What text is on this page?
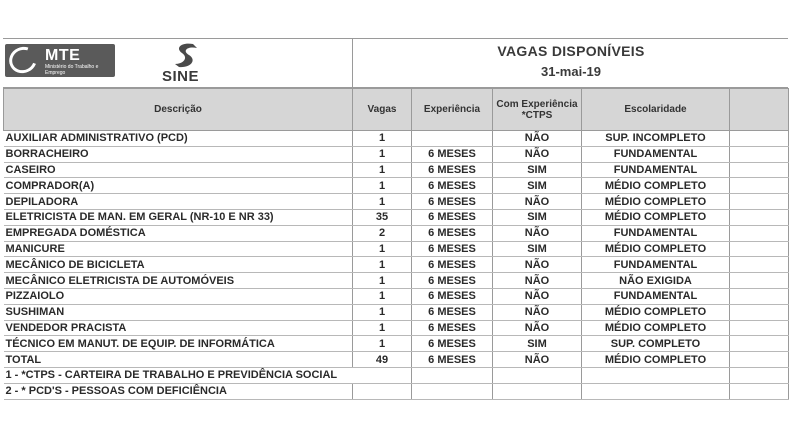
MTE
Ministério do Trabalho e Emprego	SINE
VAGAS DISPONÍVEIS
31-mai-19
Descrição	Vagas	Experiência	Com Experiência *CTPS	Escolaridade	
AUXILIAR ADMINISTRATIVO (PCD)	1		NÃO	SUP. INCOMPLETO	
BORRACHEIRO	1	6 MESES	NÃO	FUNDAMENTAL	
CASEIRO	1	6 MESES	SIM	FUNDAMENTAL	
COMPRADOR(A)	1	6 MESES	SIM	MÉDIO COMPLETO	
DEPILADORA	1	6 MESES	NÃO	MÉDIO COMPLETO	
ELETRICISTA DE MAN. EM GERAL (NR-10 E NR 33)	35	6 MESES	SIM	MÉDIO COMPLETO	
EMPREGADA DOMÉSTICA	2	6 MESES	NÃO	FUNDAMENTAL	
MANICURE	1	6 MESES	SIM	MÉDIO COMPLETO	
MECÂNICO DE BICICLETA	1	6 MESES	NÃO	FUNDAMENTAL	
MECÂNICO ELETRICISTA DE AUTOMÓVEIS	1	6 MESES	NÃO	NÃO EXIGIDA	
PIZZAIOLO	1	6 MESES	NÃO	FUNDAMENTAL	
SUSHIMAN	1	6 MESES	NÃO	MÉDIO COMPLETO	
VENDEDOR PRACISTA	1	6 MESES	NÃO	MÉDIO COMPLETO	
TÉCNICO EM MANUT. DE EQUIP. DE INFORMÁTICA	1	6 MESES	SIM	SUP. COMPLETO	
TOTAL	49	6 MESES	NÃO	MÉDIO COMPLETO	
1 - *CTPS - CARTEIRA DE TRABALHO E PREVIDÊNCIA SOCIAL					
2 - * PCD'S - PESSOAS COM DEFICIÊNCIA					
